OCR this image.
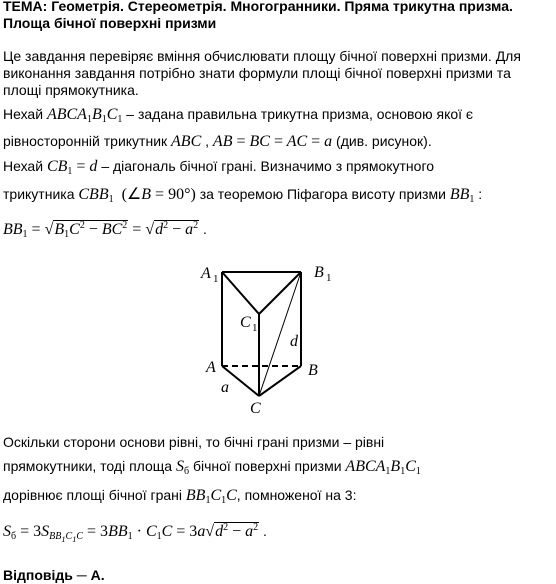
ТЕМА: Геометрія. Стереометрія. Многогранники. Пряма трикутна призма.
Площа бічної поверхні призми
Це завдання перевіряє вміння обчислювати площу бічної поверхні призми. Для виконання завдання потрібно знати формули площі бічної поверхні призми та площі прямокутника.
Нехай $ABCA_1B_1C_1$ – задана правильна трикутна призма, основою якої є
рівносторонній трикутник ABC , AB = BC = AC = a (див. рисунок).
Нехай $CB_1 = d$ – діагональ бічної грані. Визначимо з прямокутного
трикутника $CBB_1$ (∠B = 90°) за теоремою Піфагора висоту призми $BB_1$ :
$BB_1 = √B_1C^2 - BC^2 = √d^2 - a^2$ .
A 1	B 1
C 1
A	B
C
d
a
Оскільки сторони основи рівні, то бічні грані призми – рівні
прямокутники, тоді площа $S_б$ бічної поверхні призми $ABCA_1B_1C_1$
дорівнює площі бічної грані $BB_1C_1C$, помноженої на 3:
$S_б = 3S_{BB_1C_1C} = 3BB_1 \cdot C_1C = 3a√d^2 - a^2$ .
Відповідь ─ А.
